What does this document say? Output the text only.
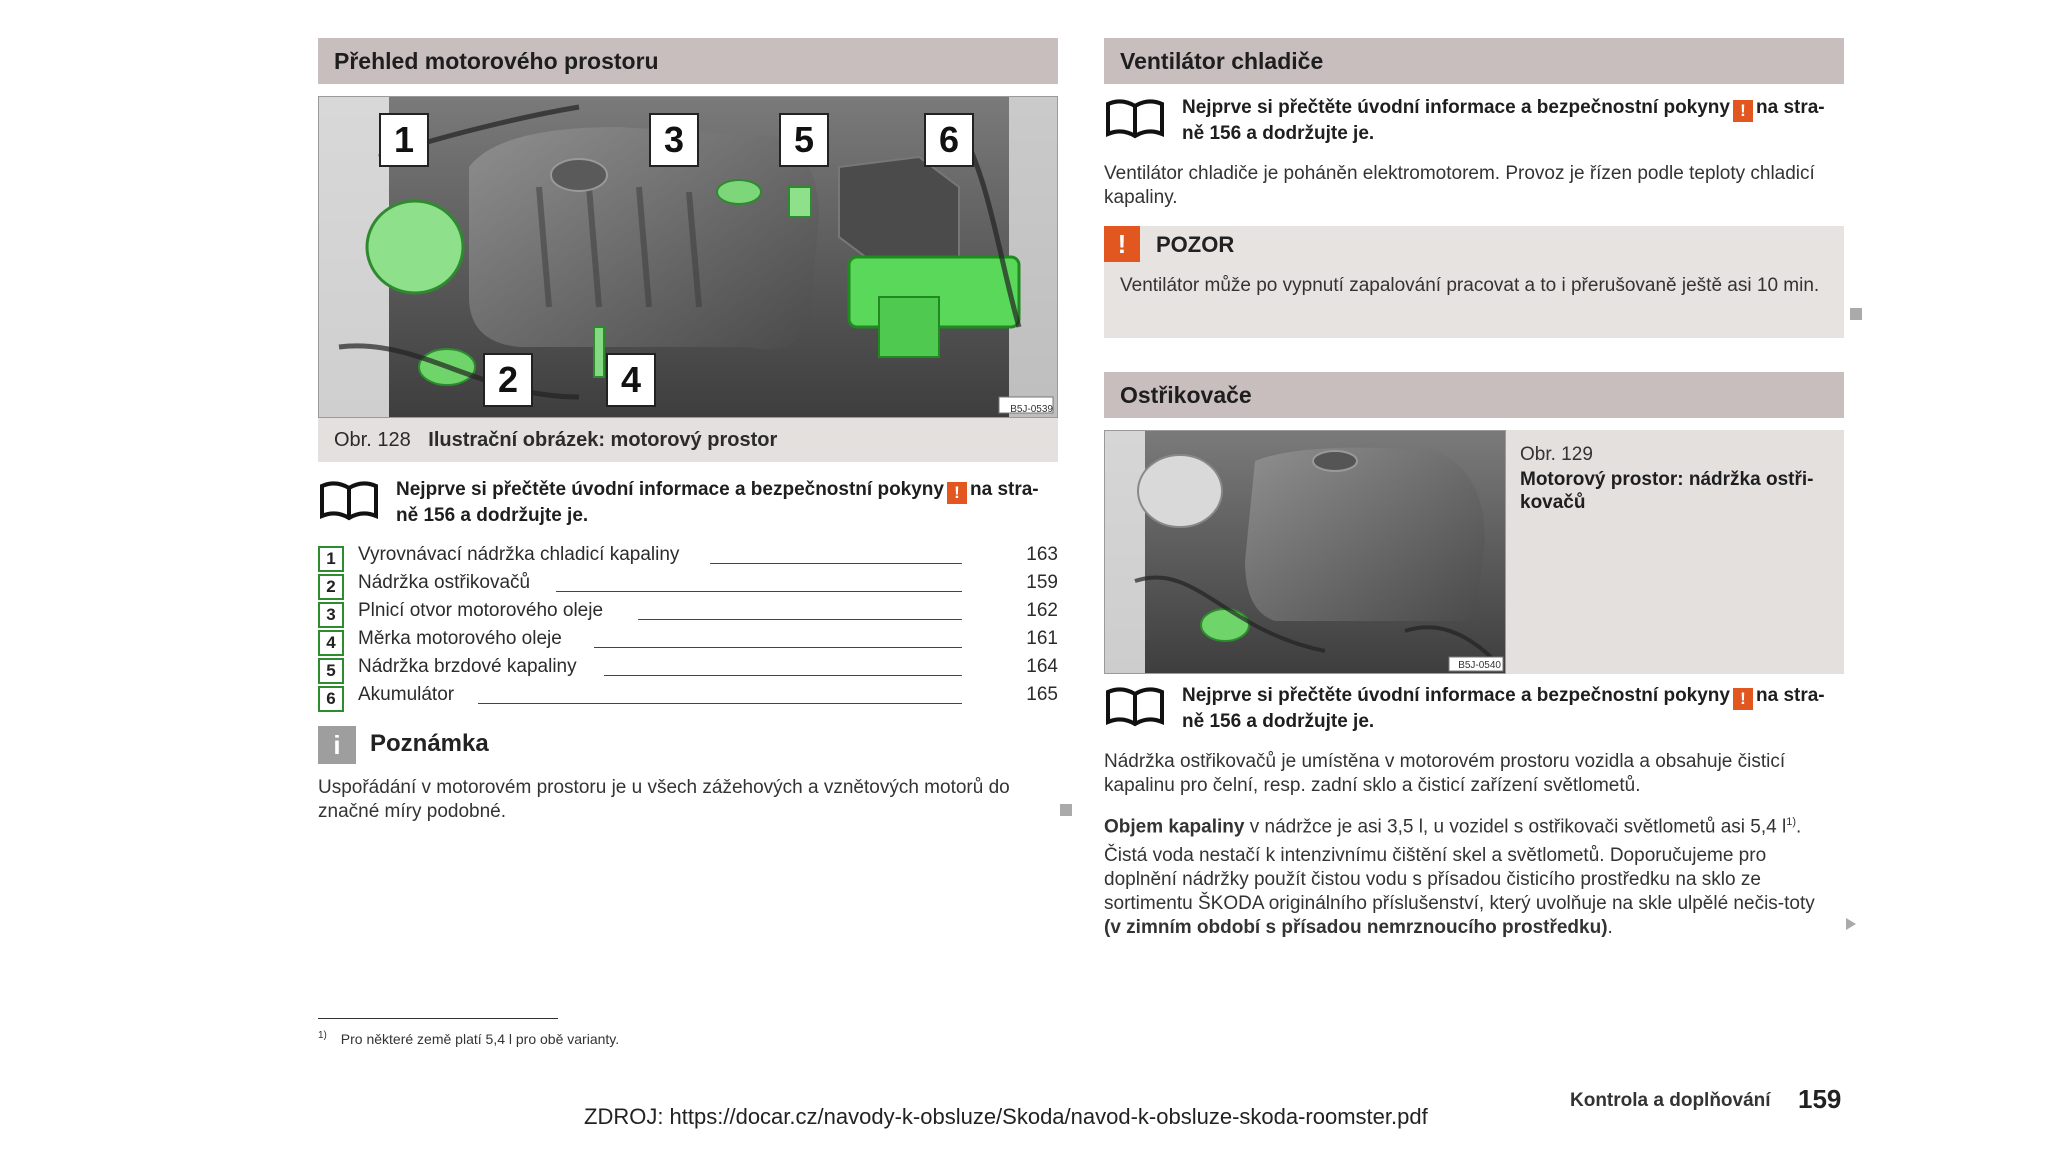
Přehled motorového prostoru
1	3	5	6
2	4
B5J-0539
Obr. 128 Ilustrační obrázek: motorový prostor
Nejprve si přečtěte úvodní informace a bezpečnostní pokyny ! na stra-
ně 156 a dodržujte je.
1	Vyrovnávací nádržka chladicí kapaliny	163
2	Nádržka ostřikovačů	159
3	Plnicí otvor motorového oleje	162
4	Měrka motorového oleje	161
5	Nádržka brzdové kapaliny	164
6	Akumulátor	165
i	Poznámka
Uspořádání v motorovém prostoru je u všech zážehových a vznětových motorů do značné míry podobné.
Ventilátor chladiče
Nejprve si přečtěte úvodní informace a bezpečnostní pokyny ! na stra-
ně 156 a dodržujte je.
Ventilátor chladiče je poháněn elektromotorem. Provoz je řízen podle teploty chladicí kapaliny.
!	POZOR
Ventilátor může po vypnutí zapalování pracovat a to i přerušovaně ještě asi 10 min.
Ostřikovače
B5J-0540
Obr. 129
Motorový prostor: nádržka ostři-kovačů
Nejprve si přečtěte úvodní informace a bezpečnostní pokyny ! na stra-
ně 156 a dodržujte je.
Nádržka ostřikovačů je umístěna v motorovém prostoru vozidla a obsahuje čisticí kapalinu pro čelní, resp. zadní sklo a čisticí zařízení světlometů.
Objem kapaliny v nádržce je asi 3,5 l, u vozidel s ostřikovači světlometů asi 5,4 $l^{1)}$.
Čistá voda nestačí k intenzivnímu čištění skel a světlometů. Doporučujeme pro doplnění nádržky použít čistou vodu s přísadou čisticího prostředku na sklo ze sortimentu ŠKODA originálního příslušenství, který uvolňuje na skle ulpělé nečis-toty (v zimním období s přísadou nemrznoucího prostředku).
$^{1)}$ Pro některé země platí 5,4 l pro obě varianty.
ZDROJ: https://docar.cz/navody-k-obsluze/Skoda/navod-k-obsluze-skoda-roomster.pdf
Kontrola a doplňování 159
